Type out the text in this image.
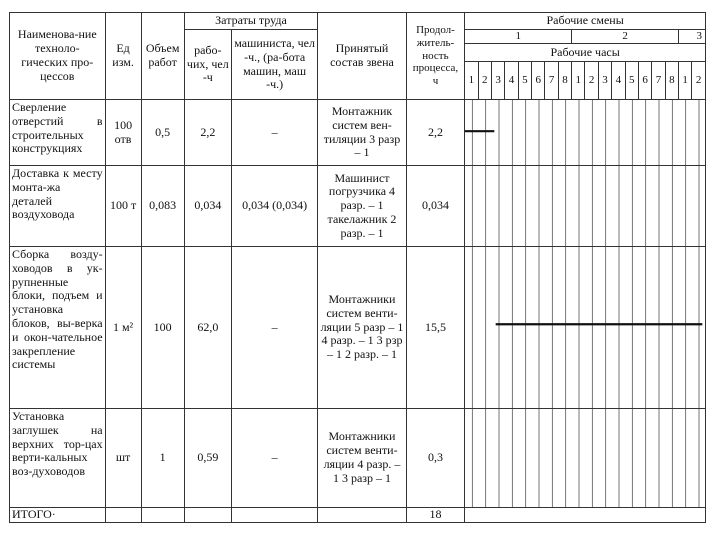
Наименова-ние техноло-гических про-цессов	Ед изм.	Объем работ	Затраты труда		Принятый состав звена	Продол-житель-ность процесса, ч	Рабочие смены																	
			рабо-чих, чел -ч	машиниста, чел -ч., (ра-бота машин, маш -ч.)			1								2								3	
							Рабочие часы																	
							1	2	3	4	5	6	7	8	1	2	3	4	5	6	7	8	1	2
Сверление отверстий в строительных конструкциях	100 отв	0,5	2,2	–	Монтажник систем вен-тиляции 3 разр – 1	2,2	

Доставка к месту монта-жа деталей воздуховода	100 т	0,083	0,034	0,034 (0,034)	Машинист погрузчика 4 разр. – 1 такелажник 2 разр. – 1	0,034	

Сборка возду-ховодов в ук-рупненные блоки, подъем и установка блоков, вы-верка и окон-чательное закрепление системы	1 м²	100	62,0	–	Монтажники систем венти-ляции 5 разр – 1 4 разр. – 1 3 рзр – 1 2 разр. – 1	15,5	

Установка заглушек на верхних тор-цах верти-кальных воз-духоводов	шт	1	0,59	–	Монтажники систем венти-ляции 4 разр. – 1 3 разр – 1	0,3	

ИТОГО·						18																		
